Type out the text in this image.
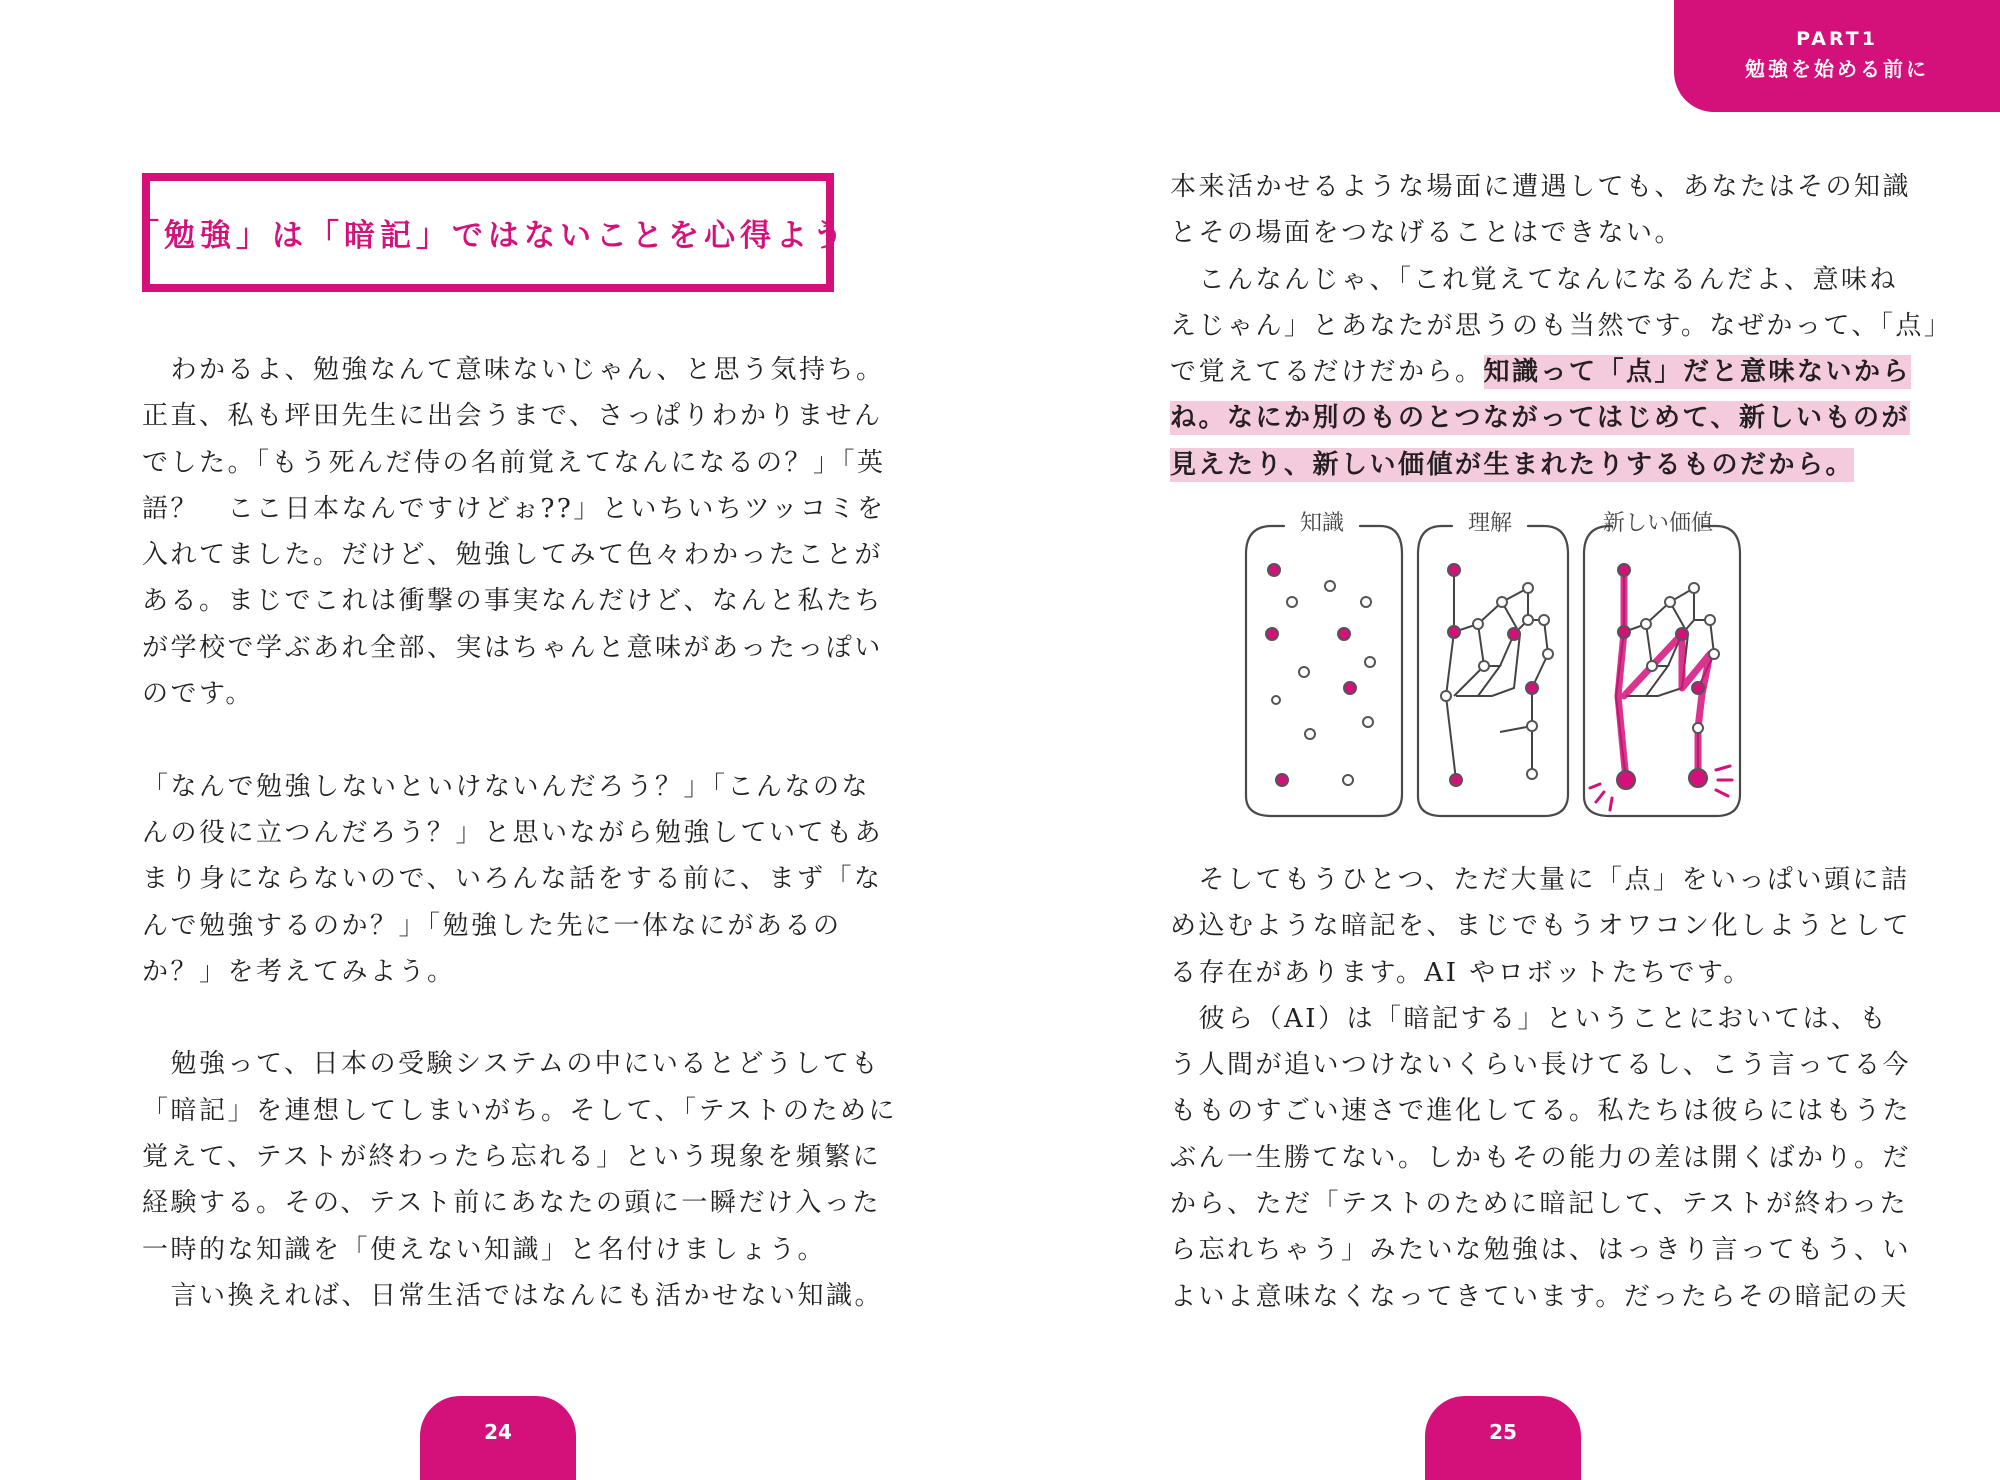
「勉強」は「暗記」ではないことを心得よう
　わかるよ、勉強なんて意味ないじゃん、と思う気持ち。
正直、私も坪田先生に出会うまで、さっぱりわかりません
でした。「もう死んだ侍の名前覚えてなんになるの？」「英
語？　ここ日本なんですけどぉ??」といちいちツッコミを
入れてました。だけど、勉強してみて色々わかったことが
ある。まじでこれは衝撃の事実なんだけど、なんと私たち
が学校で学ぶあれ全部、実はちゃんと意味があったっぽい
のです。
「なんで勉強しないといけないんだろう？」「こんなのな
んの役に立つんだろう？」と思いながら勉強していてもあ
まり身にならないので、いろんな話をする前に、まず「な
んで勉強するのか？」「勉強した先に一体なにがあるの
か？」を考えてみよう。
　勉強って、日本の受験システムの中にいるとどうしても
「暗記」を連想してしまいがち。そして、「テストのために
覚えて、テストが終わったら忘れる」という現象を頻繁に
経験する。その、テスト前にあなたの頭に一瞬だけ入った
一時的な知識を「使えない知識」と名付けましょう。
　言い換えれば、日常生活ではなんにも活かせない知識。
24
PART1
勉強を始める前に
本来活かせるような場面に遭遇しても、あなたはその知識
とその場面をつなげることはできない。
　こんなんじゃ、「これ覚えてなんになるんだよ、意味ね
えじゃん」とあなたが思うのも当然です。なぜかって、「点」
で覚えてるだけだから。知識って「点」だと意味ないから
ね。なにか別のものとつながってはじめて、新しいものが
見えたり、新しい価値が生まれたりするものだから。
知識	理解	新しい価値
　そしてもうひとつ、ただ大量に「点」をいっぱい頭に詰
め込むような暗記を、まじでもうオワコン化しようとして
る存在があります。AI やロボットたちです。
　彼ら（AI）は「暗記する」ということにおいては、も
う人間が追いつけないくらい長けてるし、こう言ってる今
もものすごい速さで進化してる。私たちは彼らにはもうた
ぶん一生勝てない。しかもその能力の差は開くばかり。だ
から、ただ「テストのために暗記して、テストが終わった
ら忘れちゃう」みたいな勉強は、はっきり言ってもう、い
よいよ意味なくなってきています。だったらその暗記の天
25
